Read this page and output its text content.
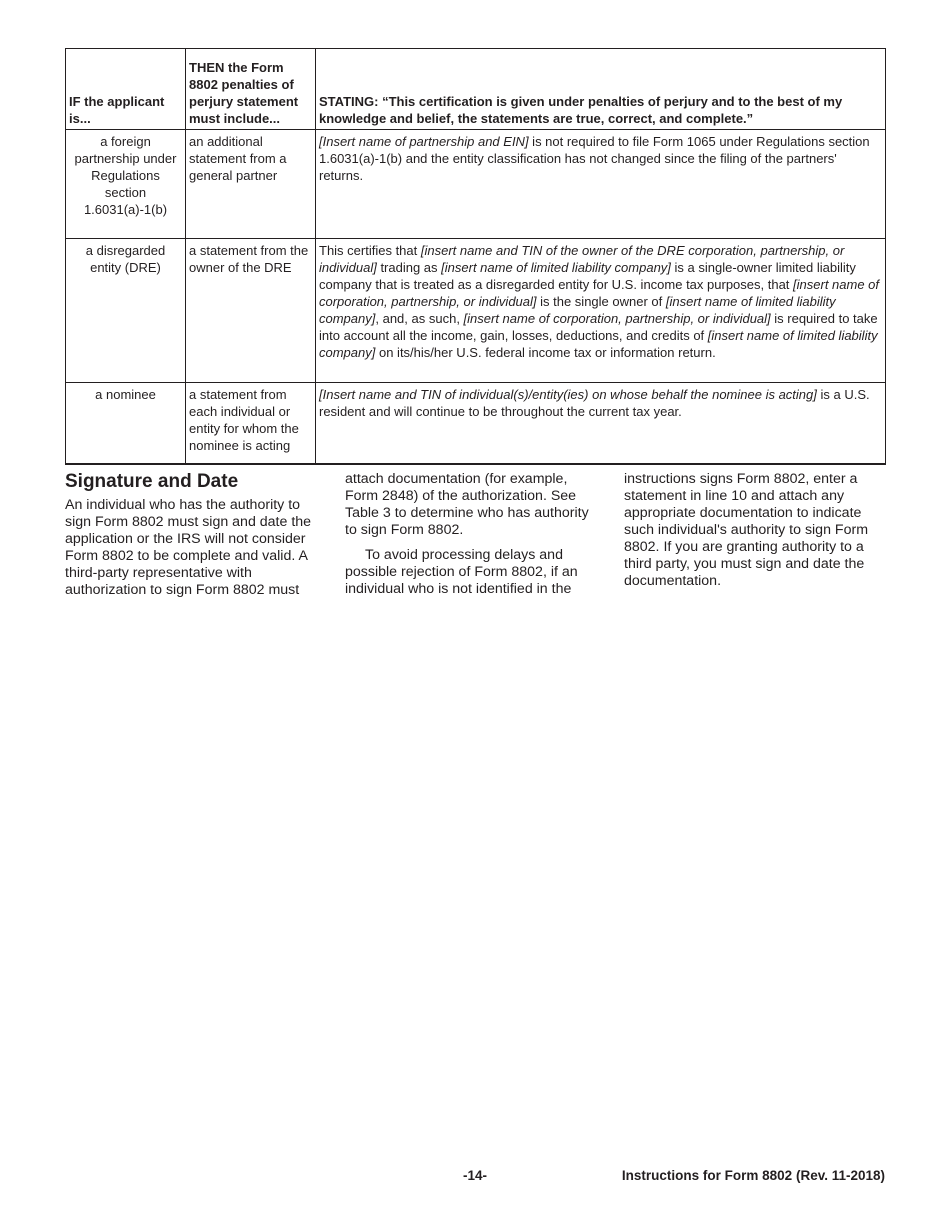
IF the applicant is...	THEN the Form 8802 penalties of perjury statement must include...	STATING: “This certification is given under penalties of perjury and to the best of my knowledge and belief, the statements are true, correct, and complete.”
a foreign partnership under Regulations section 1.6031(a)-1(b)	an additional statement from a general partner	[Insert name of partnership and EIN] is not required to file Form 1065 under Regulations section 1.6031(a)-1(b) and the entity classification has not changed since the filing of the partners' returns.
a disregarded entity (DRE)	a statement from the owner of the DRE	This certifies that [insert name and TIN of the owner of the DRE corporation, partnership, or individual] trading as [insert name of limited liability company] is a single-owner limited liability company that is treated as a disregarded entity for U.S. income tax purposes, that [insert name of corporation, partnership, or individual] is the single owner of [insert name of limited liability company], and, as such, [insert name of corporation, partnership, or individual] is required to take into account all the income, gain, losses, deductions, and credits of [insert name of limited liability company] on its/his/her U.S. federal income tax or information return.
a nominee	a statement from each individual or entity for whom the nominee is acting	[Insert name and TIN of individual(s)/entity(ies) on whose behalf the nominee is acting] is a U.S. resident and will continue to be throughout the current tax year.
Signature and Date

An individual who has the authority to sign Form 8802 must sign and date the application or the IRS will not consider Form 8802 to be complete and valid. A third-party representative with authorization to sign Form 8802 must

attach documentation (for example, Form 2848) of the authorization. See Table 3 to determine who has authority to sign Form 8802.

To avoid processing delays and possible rejection of Form 8802, if an individual who is not identified in the

instructions signs Form 8802, enter a statement in line 10 and attach any appropriate documentation to indicate such individual's authority to sign Form 8802. If you are granting authority to a third party, you must sign and date the documentation.

-14-	Instructions for Form 8802 (Rev. 11-2018)
